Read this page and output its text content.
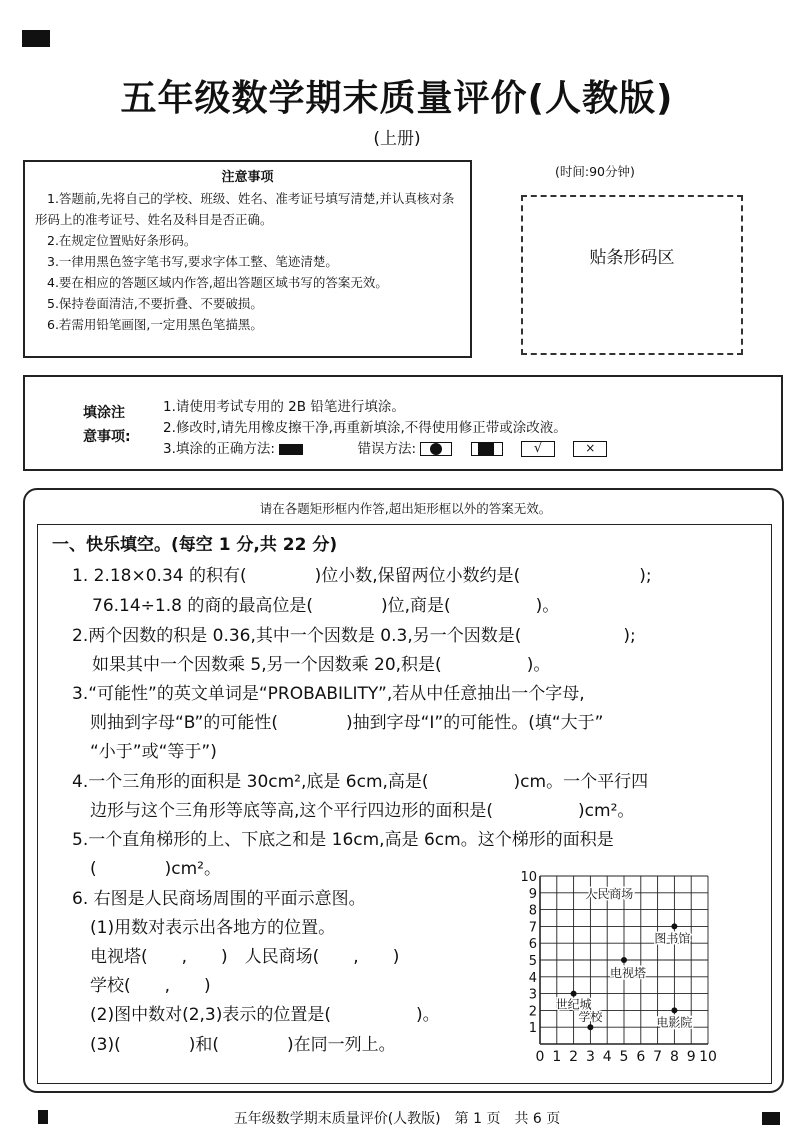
五年级数学期末质量评价(人教版)
(上册)
注意事项

1.答题前,先将自己的学校、班级、姓名、准考证号填写清楚,并认真核对条形码上的准考证号、姓名及科目是否正确。

2.在规定位置贴好条形码。

3.一律用黑色签字笔书写,要求字体工整、笔迹清楚。

4.要在相应的答题区域内作答,超出答题区域书写的答案无效。

5.保持卷面清洁,不要折叠、不要破损。

6.若需用铅笔画图,一定用黑色笔描黑。

(时间:90分钟)
贴条形码区
填涂注
意事项:
1.请使用考试专用的 2B 铅笔进行填涂。
2.修改时,请先用橡皮擦干净,再重新填涂,不得使用修正带或涂改液。
3.填涂的正确方法:	错误方法:
	√	×
请在各题矩形框内作答,超出矩形框以外的答案无效。
一、快乐填空。(每空 1 分,共 22 分)
1. 2.18×0.34 的积有(　　　　)位小数,保留两位小数约是(　　　　　　　);
76.14÷1.8 的商的最高位是(　　　　)位,商是(　　　　　)。
2.两个因数的积是 0.36,其中一个因数是 0.3,另一个因数是(　　　　　　);
如果其中一个因数乘 5,另一个因数乘 20,积是(　　　　　)。
3.“可能性”的英文单词是“PROBABILITY”,若从中任意抽出一个字母,
则抽到字母“B”的可能性(　　　　)抽到字母“I”的可能性。(填“大于”
“小于”或“等于”)
4.一个三角形的面积是 30cm²,底是 6cm,高是(　　　　　)cm。一个平行四
边形与这个三角形等底等高,这个平行四边形的面积是(　　　　　)cm²。
5.一个直角梯形的上、下底之和是 16cm,高是 6cm。这个梯形的面积是
(　　　　)cm²。
6. 右图是人民商场周围的平面示意图。
(1)用数对表示出各地方的位置。
电视塔(　　,　　)　人民商场(　　,　　)
学校(　　,　　)
(2)图中数对(2,3)表示的位置是(　　　　　)。
(3)(　　　　)和(　　　　)在同一列上。
0 1 2 3 4 5 6 7 8 9 10
1
2
3
4
5
6
7
8
9
10
人民商场
图书馆
电视塔
世纪城
电影院
学校
五年级数学期末质量评价(人教版)　第 1 页　共 6 页
